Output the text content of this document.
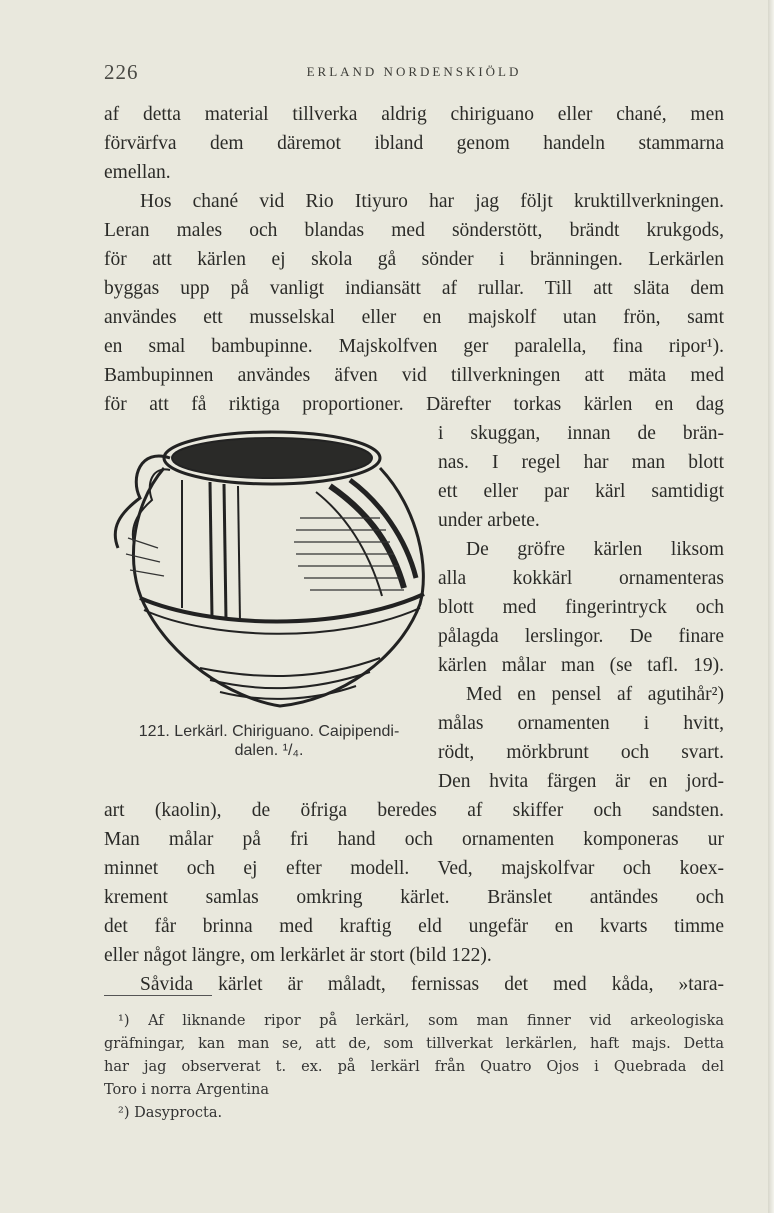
226	ERLAND NORDENSKIÖLD
af detta material tillverka aldrig chiriguano eller chané, men
förvärfva dem däremot ibland genom handeln stammarna
emellan.
Hos chané vid Rio Itiyuro har jag följt kruktillverkningen.
Leran males och blandas med sönderstött, brändt krukgods,
för att kärlen ej skola gå sönder i bränningen. Lerkärlen
byggas upp på vanligt indiansätt af rullar. Till att släta dem
användes ett musselskal eller en majskolf utan frön, samt
en smal bambupinne. Majskolfven ger paralella, fina ripor¹).
Bambupinnen användes äfven vid tillverkningen att mäta med
för att få riktiga proportioner. Därefter torkas kärlen en dag
121. Lerkärl. Chiriguano. Caipipendi-
dalen. ¹/₄.
i skuggan, innan de brän-
nas. I regel har man blott
ett eller par kärl samtidigt
under arbete.
De gröfre kärlen liksom
alla kokkärl ornamenteras
blott med fingerintryck och
pålagda lerslingor. De finare
kärlen målar man (se tafl. 19).
Med en pensel af agutihår²)
målas ornamenten i hvitt,
rödt, mörkbrunt och svart.
Den hvita färgen är en jord-
art (kaolin), de öfriga beredes af skiffer och sandsten.
Man målar på fri hand och ornamenten komponeras ur
minnet och ej efter modell. Ved, majskolfvar och koex-
krement samlas omkring kärlet. Bränslet antändes och
det får brinna med kraftig eld ungefär en kvarts timme
eller något längre, om lerkärlet är stort (bild 122).
Såvida kärlet är måladt, fernissas det med kåda, »tara-
¹) Af liknande ripor på lerkärl, som man finner vid arkeologiska
gräfningar, kan man se, att de, som tillverkat lerkärlen, haft majs. Detta
har jag observerat t. ex. på lerkärl från Quatro Ojos i Quebrada del
Toro i norra Argentina
²) Dasyprocta.
